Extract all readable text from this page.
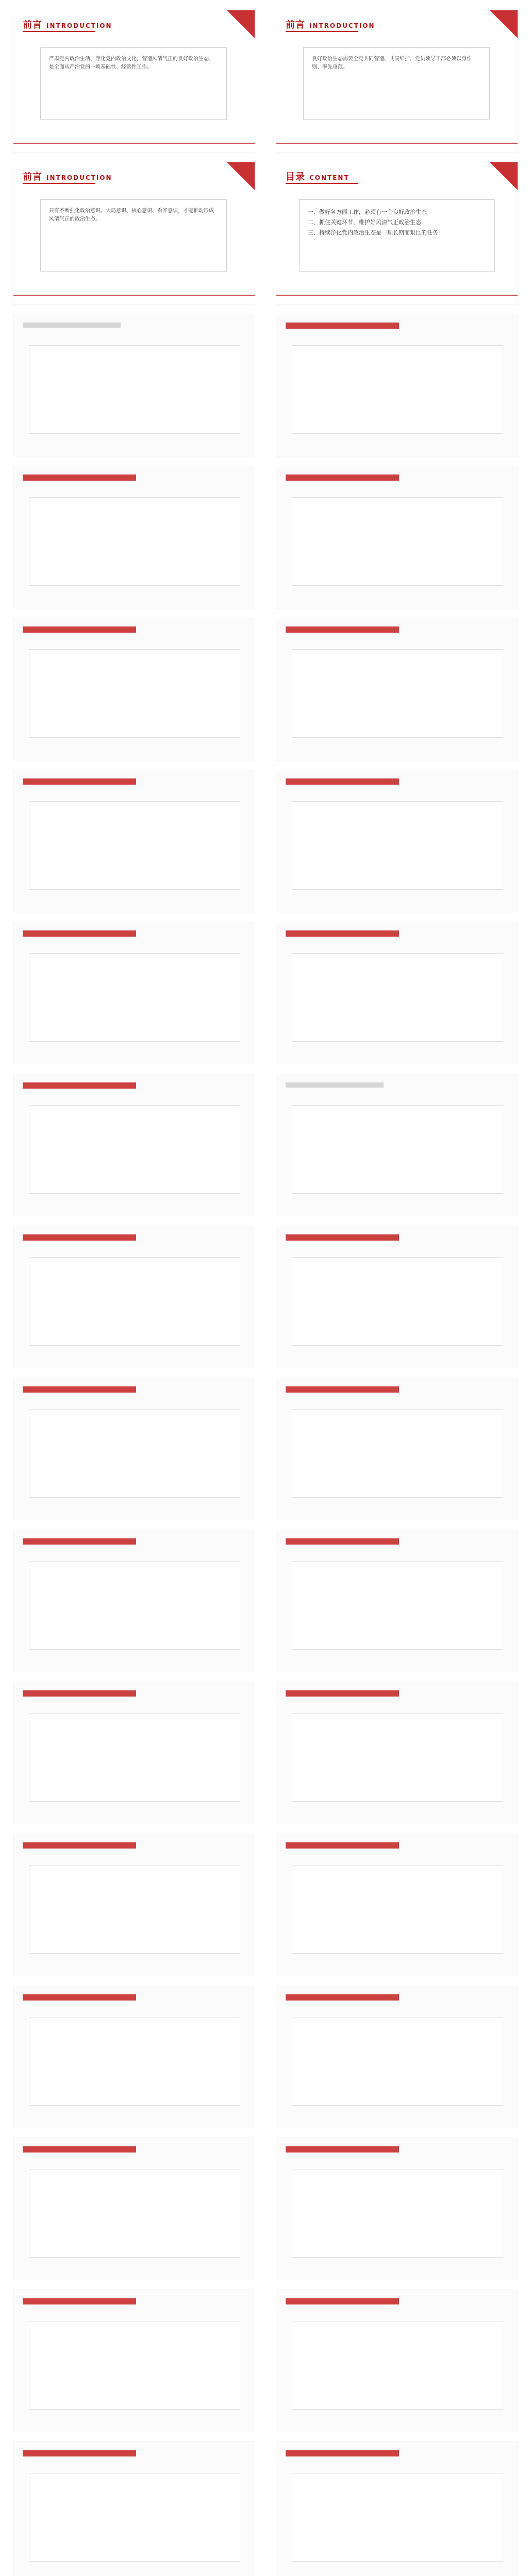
前言 INTRODUCTION

严肃党内政治生活、净化党内政治文化，营造风清气正的良好政治生态，是全面从严治党的一项基础性、经常性工作。

前言 INTRODUCTION

良好政治生态需要全党共同营造、共同维护，党员领导干部必须以身作则、率先垂范。

前言 INTRODUCTION

只有不断强化政治意识、大局意识、核心意识、看齐意识，才能推动形成风清气正的政治生态。

目录 CONTENT
一、做好各方面工作，必须有一个良好政治生态
二、抓住关键环节，维护好风清气正政治生态
三、持续净化党内政治生态是一项长期而艰巨的任务
